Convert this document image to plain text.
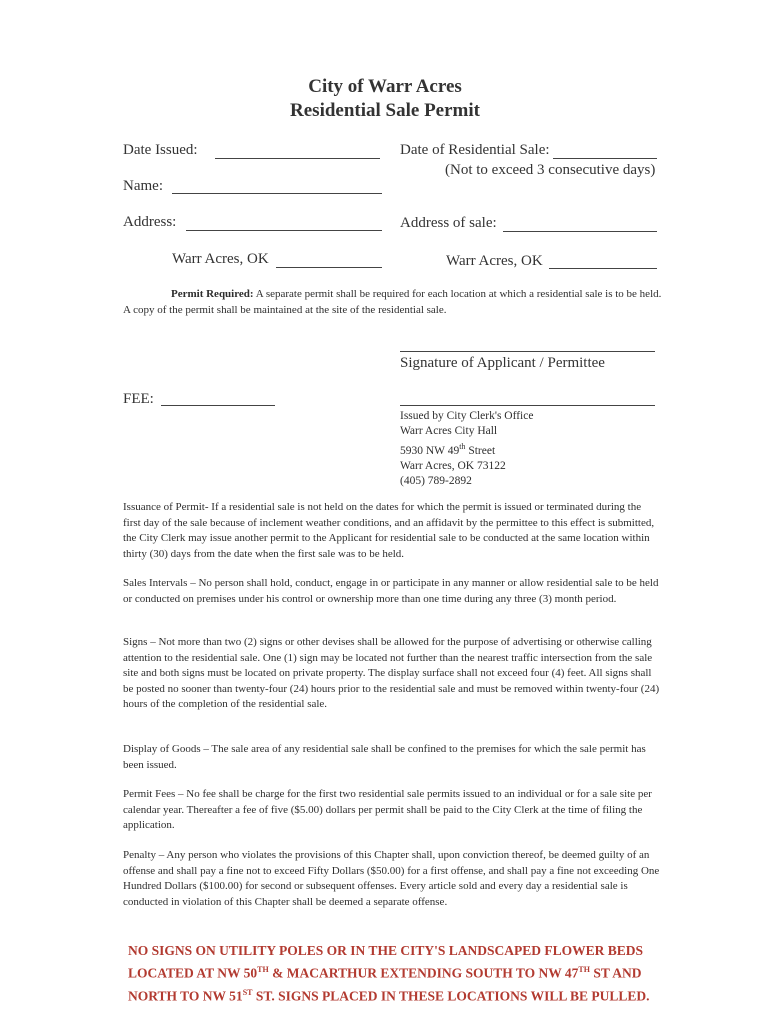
City of Warr Acres
Residential Sale Permit
Date Issued:	Date of Residential Sale:
(Not to exceed 3 consecutive days)
Name:
Address:	Address of sale:
Warr Acres, OK	Warr Acres, OK
Permit Required: A separate permit shall be required for each location at which a residential sale is to be held. A copy of the permit shall be maintained at the site of the residential sale.
Signature of Applicant / Permittee
FEE:
Issued by City Clerk's Office
Warr Acres City Hall
5930 NW 49th Street
Warr Acres, OK 73122
(405) 789-2892
Issuance of Permit- If a residential sale is not held on the dates for which the permit is issued or terminated during the first day of the sale because of inclement weather conditions, and an affidavit by the permittee to this effect is submitted, the City Clerk may issue another permit to the Applicant for residential sale to be conducted at the same location within thirty (30) days from the date when the first sale was to be held.
Sales Intervals – No person shall hold, conduct, engage in or participate in any manner or allow residential sale to be held or conducted on premises under his control or ownership more than one time during any three (3) month period.
Signs – Not more than two (2) signs or other devises shall be allowed for the purpose of advertising or otherwise calling attention to the residential sale. One (1) sign may be located not further than the nearest traffic intersection from the sale site and both signs must be located on private property. The display surface shall not exceed four (4) feet. All signs shall be posted no sooner than twenty-four (24) hours prior to the residential sale and must be removed within twenty-four (24) hours of the completion of the residential sale.
Display of Goods – The sale area of any residential sale shall be confined to the premises for which the sale permit has been issued.
Permit Fees – No fee shall be charge for the first two residential sale permits issued to an individual or for a sale site per calendar year. Thereafter a fee of five ($5.00) dollars per permit shall be paid to the City Clerk at the time of filing the application.
Penalty – Any person who violates the provisions of this Chapter shall, upon conviction thereof, be deemed guilty of an offense and shall pay a fine not to exceed Fifty Dollars ($50.00) for a first offense, and shall pay a fine not exceeding One Hundred Dollars ($100.00) for second or subsequent offenses. Every article sold and every day a residential sale is conducted in violation of this Chapter shall be deemed a separate offense.
NO SIGNS ON UTILITY POLES OR IN THE CITY'S LANDSCAPED FLOWER BEDS
LOCATED AT NW 50TH & MACARTHUR EXTENDING SOUTH TO NW 47TH ST AND
NORTH TO NW 51ST ST. SIGNS PLACED IN THESE LOCATIONS WILL BE PULLED.
